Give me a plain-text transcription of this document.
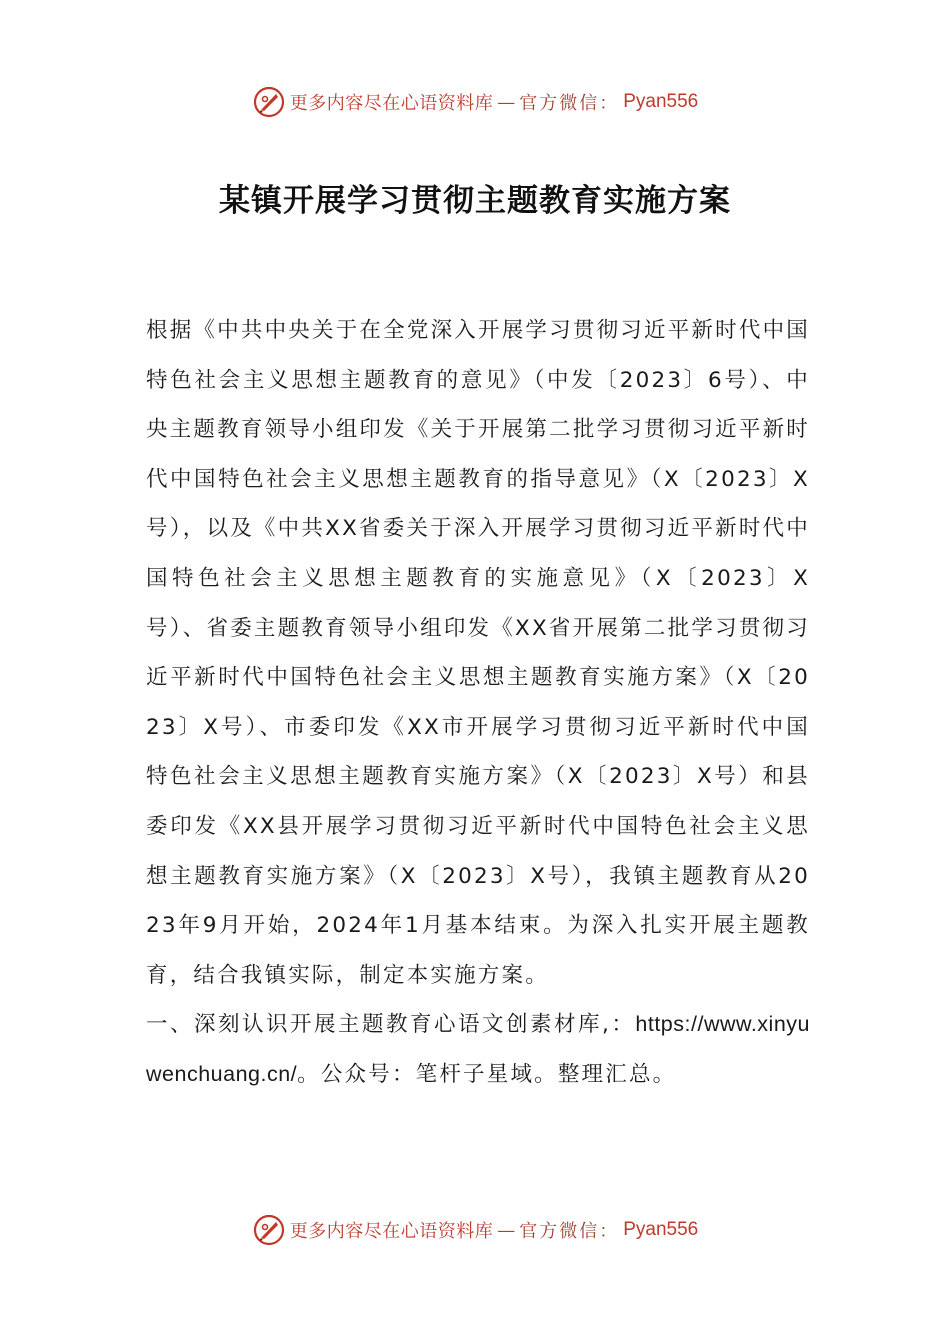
更多内容尽在心语资料库 — 官方微信： Pyan556
某镇开展学习贯彻主题教育实施方案

根据《中共中央关于在全党深入开展学习贯彻习近平新时代中国特色社会主义思想主题教育的意见》（中发〔2023〕6号）、中央主题教育领导小组印发《关于开展第二批学习贯彻习近平新时代中国特色社会主义思想主题教育的指导意见》（X〔2023〕X号），以及《中共XX省委关于深入开展学习贯彻习近平新时代中国特色社会主义思想主题教育的实施意见》（X〔2023〕X号）、省委主题教育领导小组印发《XX省开展第二批学习贯彻习近平新时代中国特色社会主义思想主题教育实施方案》（X〔2023〕X号）、市委印发《XX市开展学习贯彻习近平新时代中国特色社会主义思想主题教育实施方案》（X〔2023〕X号）和县委印发《XX县开展学习贯彻习近平新时代中国特色社会主义思想主题教育实施方案》（X〔2023〕X号），我镇主题教育从2023年9月开始，2024年1月基本结束。为深入扎实开展主题教育，结合我镇实际，制定本实施方案。

一、深刻认识开展主题教育心语文创素材库,：https://www.xinyuwenchuang.cn/。公众号：笔杆子星域。整理汇总。

更多内容尽在心语资料库 — 官方微信： Pyan556
